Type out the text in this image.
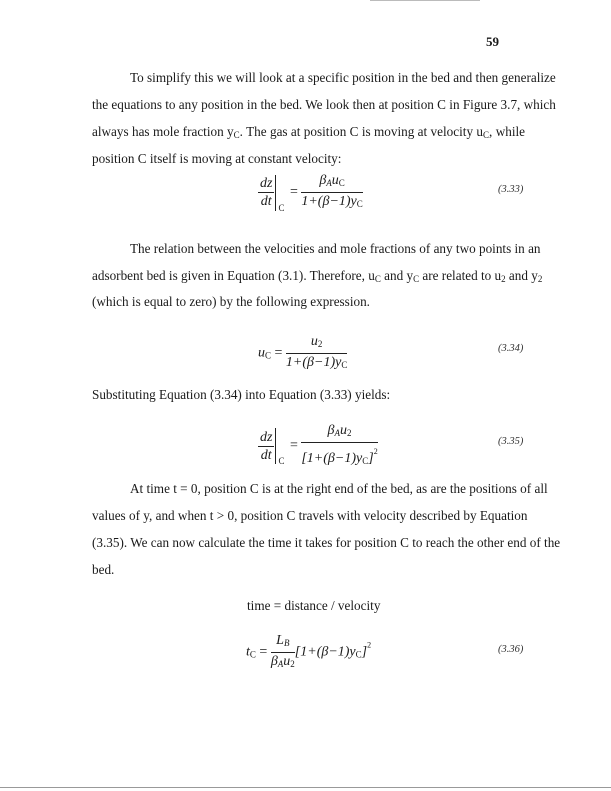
59
To simplify this we will look at a specific position in the bed and then generalize
the equations to any position in the bed. We look then at position C in Figure 3.7, which
always has mole fraction $y_C$. The gas at position C is moving at velocity $u_C$, while
position C itself is moving at constant velocity:
$\frac{dz}{dt}$ C
= $\frac{\beta_Au_C}{1+(\beta-1)y_C}$	(3.33)
The relation between the velocities and mole fractions of any two points in an
adsorbent bed is given in Equation (3.1). Therefore, $u_C$ and $y_C$ are related to $u_2$ and $y_2$
(which is equal to zero) by the following expression.
$u_C = \frac{u_2}{1+(\beta-1)y_C}$	(3.34)
Substituting Equation (3.34) into Equation (3.33) yields:
$\frac{dz}{dt}$ C
= $\frac{\beta_Au_2}{[1+(\beta-1)y_C]^2}$	(3.35)
At time t = 0, position C is at the right end of the bed, as are the positions of all
values of y, and when t > 0, position C travels with velocity described by Equation
(3.35). We can now calculate the time it takes for position C to reach the other end of the
bed.
time = distance / velocity
$t_C = \frac{L_B}{\beta_Au_2} [1+(\beta-1)y_C]^2$	(3.36)
